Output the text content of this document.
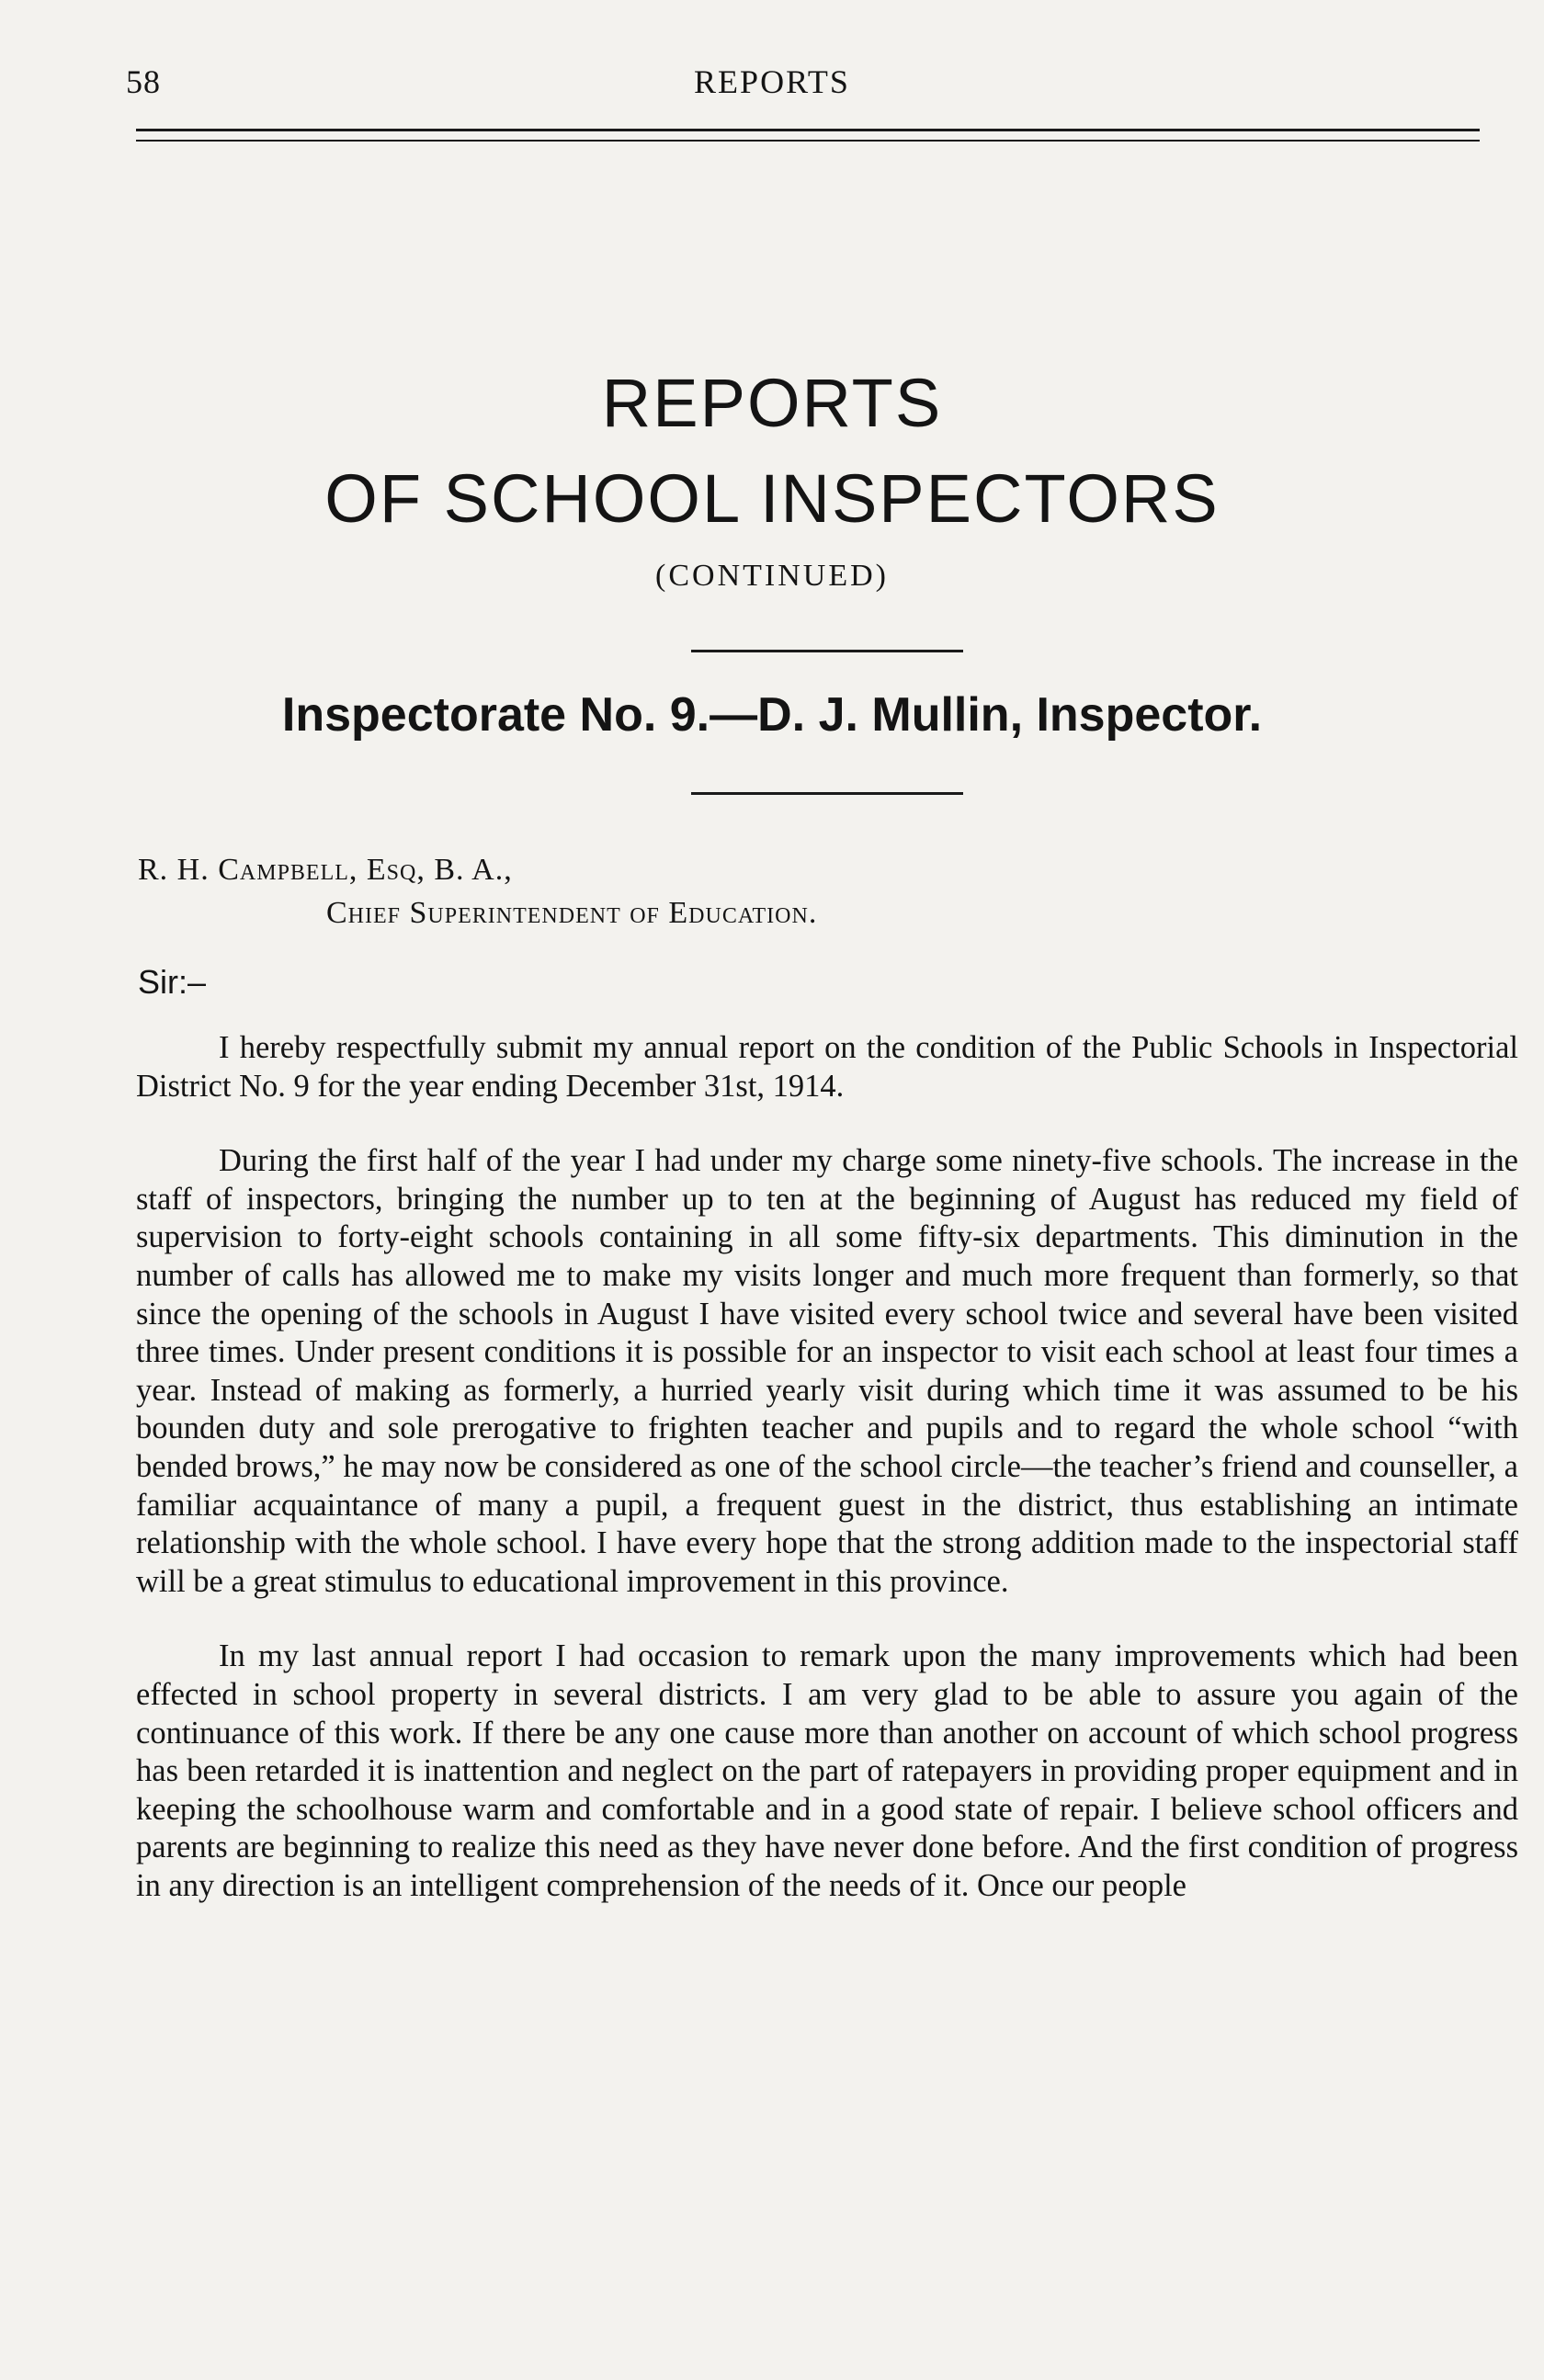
58	REPORTS
REPORTS
OF SCHOOL INSPECTORS
(CONTINUED)
Inspectorate No. 9.—D. J. Mullin, Inspector.
R. H. Campbell, Esq, B. A.,
Chief Superintendent of Education.
Sir:–

I hereby respectfully submit my annual report on the condition of the Public Schools in Inspectorial District No. 9 for the year ending December 31st, 1914.

During the first half of the year I had under my charge some ninety-five schools. The increase in the staff of inspectors, bringing the number up to ten at the beginning of August has reduced my field of supervision to forty-eight schools containing in all some fifty-six departments. This diminution in the number of calls has allowed me to make my visits longer and much more frequent than formerly, so that since the opening of the schools in August I have visited every school twice and several have been visited three times. Under present conditions it is possible for an inspector to visit each school at least four times a year. Instead of making as formerly, a hurried yearly visit during which time it was assumed to be his bounden duty and sole prerogative to frighten teacher and pupils and to regard the whole school “with bended brows,” he may now be considered as one of the school circle—the teacher’s friend and counseller, a familiar acquaintance of many a pupil, a frequent guest in the district, thus establishing an intimate relationship with the whole school. I have every hope that the strong addition made to the inspectorial staff will be a great stimulus to educational improvement in this province.

In my last annual report I had occasion to remark upon the many improvements which had been effected in school property in several districts. I am very glad to be able to assure you again of the continuance of this work. If there be any one cause more than another on account of which school progress has been retarded it is inattention and neglect on the part of ratepayers in providing proper equipment and in keeping the schoolhouse warm and comfortable and in a good state of repair. I believe school officers and parents are beginning to realize this need as they have never done before. And the first condition of progress in any direction is an intelligent comprehension of the needs of it. Once our people
